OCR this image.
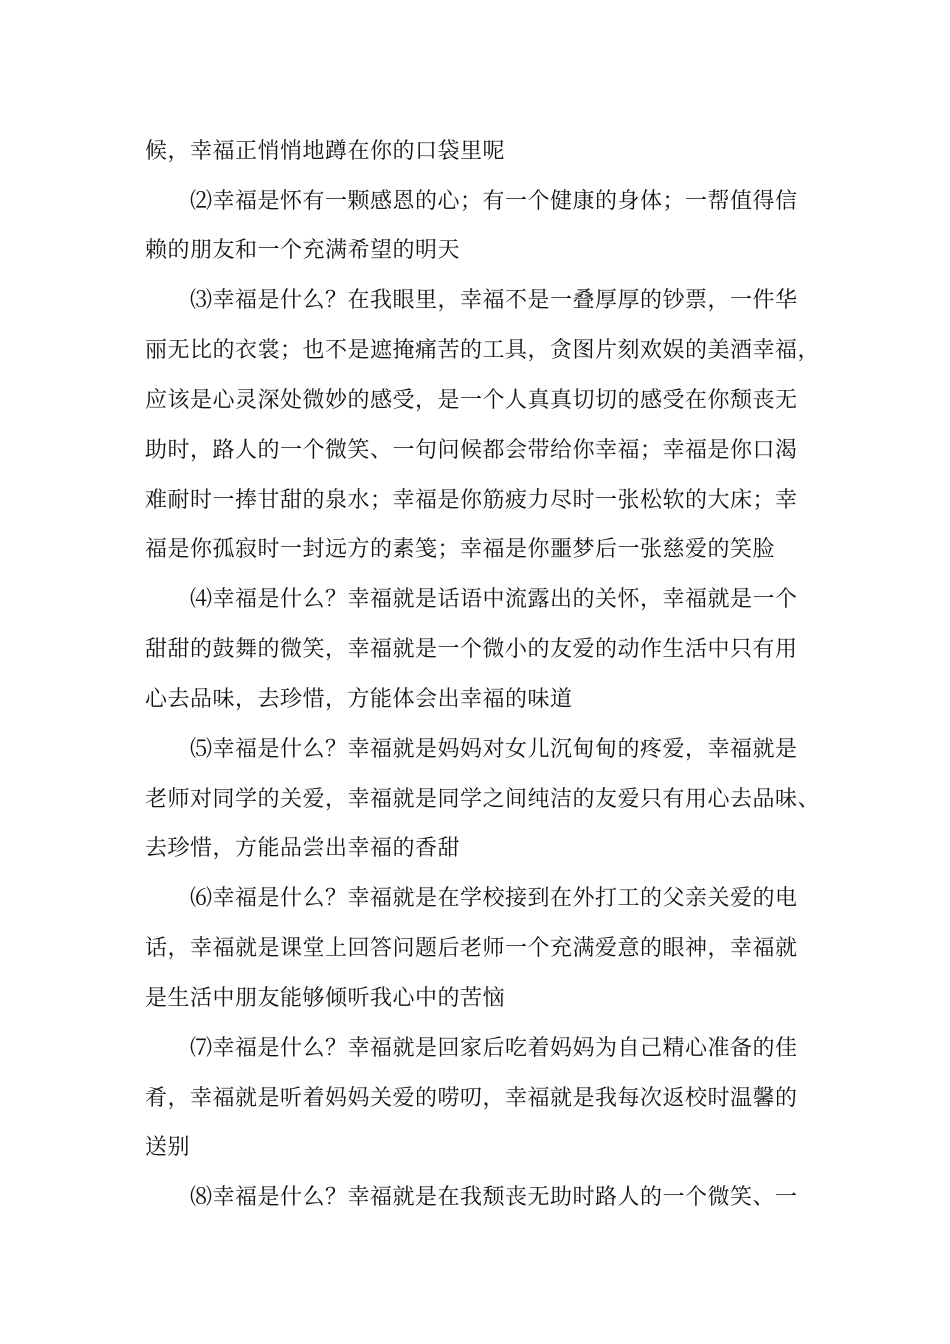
候，幸福正悄悄地蹲在你的口袋里呢
⑵幸福是怀有一颗感恩的心；有一个健康的身体；一帮值得信
赖的朋友和一个充满希望的明天
⑶幸福是什么？在我眼里，幸福不是一叠厚厚的钞票，一件华
丽无比的衣裳；也不是遮掩痛苦的工具，贪图片刻欢娱的美酒幸福，
应该是心灵深处微妙的感受，是一个人真真切切的感受在你颓丧无
助时，路人的一个微笑、一句问候都会带给你幸福；幸福是你口渴
难耐时一捧甘甜的泉水；幸福是你筋疲力尽时一张松软的大床；幸
福是你孤寂时一封远方的素笺；幸福是你噩梦后一张慈爱的笑脸
⑷幸福是什么？幸福就是话语中流露出的关怀，幸福就是一个
甜甜的鼓舞的微笑，幸福就是一个微小的友爱的动作生活中只有用
心去品味，去珍惜，方能体会出幸福的味道
⑸幸福是什么？幸福就是妈妈对女儿沉甸甸的疼爱，幸福就是
老师对同学的关爱，幸福就是同学之间纯洁的友爱只有用心去品味、
去珍惜，方能品尝出幸福的香甜
⑹幸福是什么？幸福就是在学校接到在外打工的父亲关爱的电
话，幸福就是课堂上回答问题后老师一个充满爱意的眼神，幸福就
是生活中朋友能够倾听我心中的苦恼
⑺幸福是什么？幸福就是回家后吃着妈妈为自己精心准备的佳
肴，幸福就是听着妈妈关爱的唠叨，幸福就是我每次返校时温馨的
送别
⑻幸福是什么？幸福就是在我颓丧无助时路人的一个微笑、一
